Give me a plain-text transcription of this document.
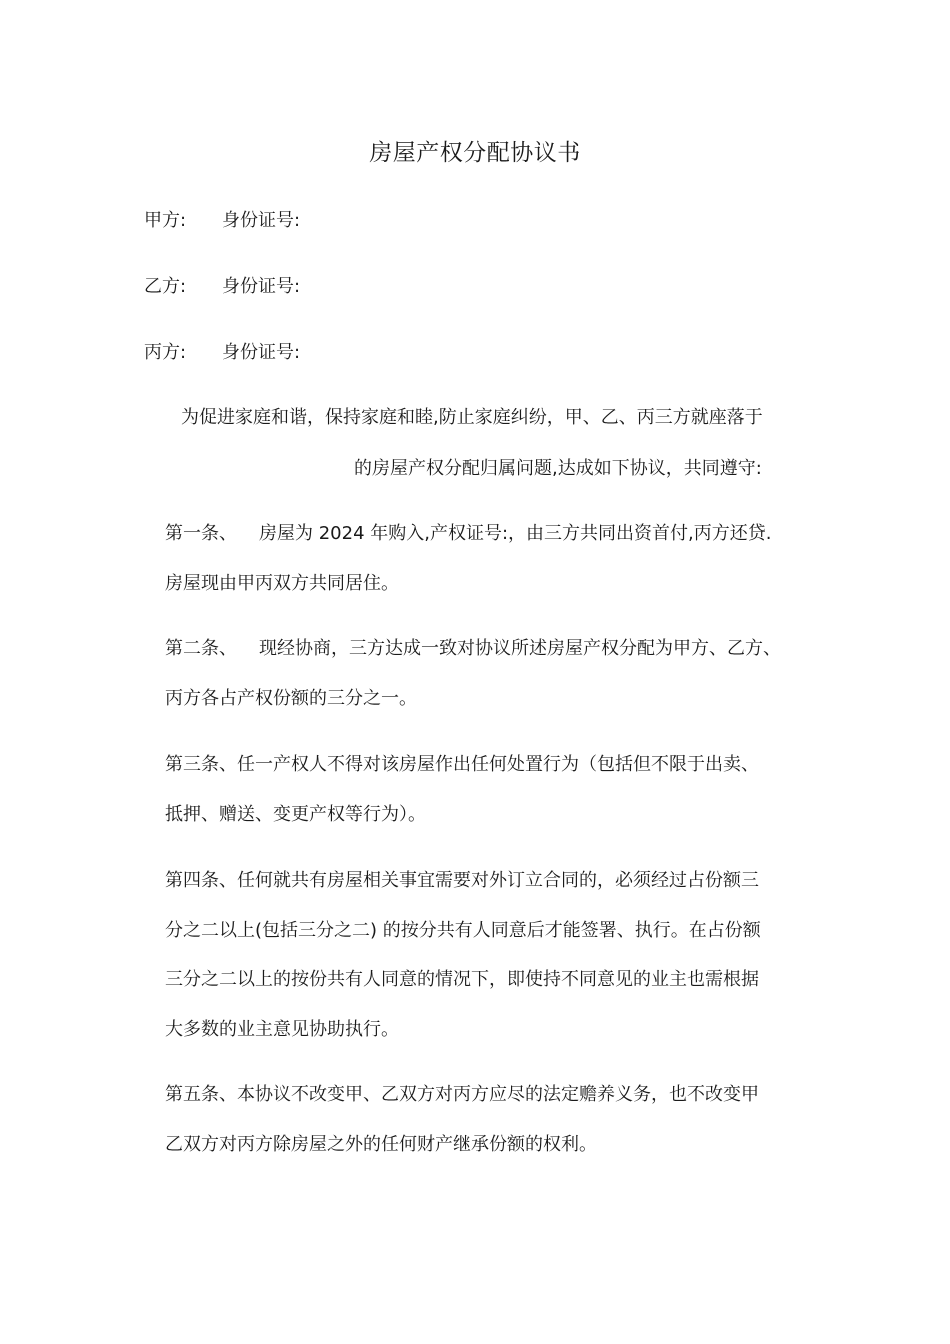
房屋产权分配协议书
甲方: 身份证号:
乙方: 身份证号:
丙方: 身份证号:
为促进家庭和谐，保持家庭和睦,防止家庭纠纷，甲、乙、丙三方就座落于
的房屋产权分配归属问题,达成如下协议，共同遵守:
第一条、 房屋为 2024 年购入,产权证号:，由三方共同出资首付,丙方还贷.
房屋现由甲丙双方共同居住。
第二条、 现经协商，三方达成一致对协议所述房屋产权分配为甲方、乙方、
丙方各占产权份额的三分之一。
第三条、任一产权人不得对该房屋作出任何处置行为（包括但不限于出卖、
抵押、赠送、变更产权等行为）。
第四条、任何就共有房屋相关事宜需要对外订立合同的，必须经过占份额三
分之二以上(包括三分之二) 的按分共有人同意后才能签署、执行。在占份额
三分之二以上的按份共有人同意的情况下，即使持不同意见的业主也需根据
大多数的业主意见协助执行。
第五条、本协议不改变甲、乙双方对丙方应尽的法定赡养义务，也不改变甲
乙双方对丙方除房屋之外的任何财产继承份额的权利。
